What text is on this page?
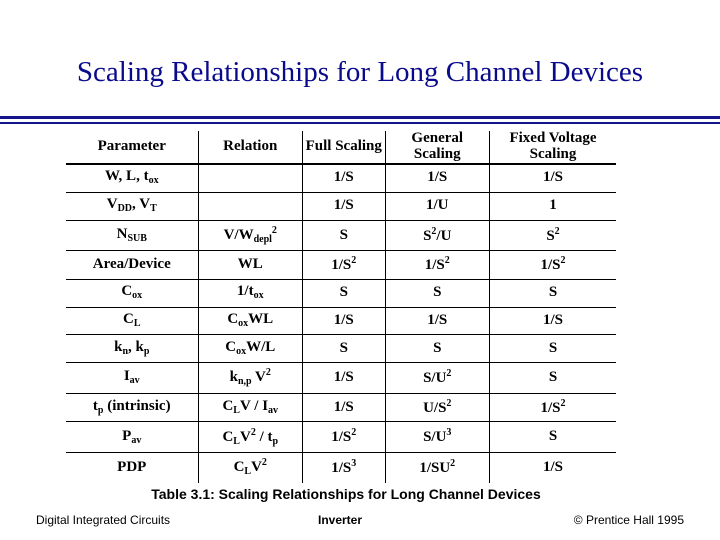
Scaling Relationships for Long Channel Devices
Parameter	Relation	Full Scaling	General Scaling	Fixed Voltage Scaling
W, L, $t_{ox}$		1/S	1/S	1/S
$V_{DD}$, $V_T$		1/S	1/U	1
$N_{SUB}$	$V/W_{depl}^2$	S	$S^2/U$	$S^2$
Area/Device	WL	$1/S^2$	$1/S^2$	$1/S^2$
$C_{ox}$	$1/t_{ox}$	S	S	S
$C_L$	$C_{ox}WL$	1/S	1/S	1/S
$k_n$, $k_p$	$C_{ox}W/L$	S	S	S
$I_{av}$	$k_{n,p}$ $V^2$	1/S	$S/U^2$	S
$t_p$ (intrinsic)	$C_LV / I_{av}$	1/S	$U/S^2$	$1/S^2$
$P_{av}$	$C_LV^2 / t_p$	$1/S^2$	$S/U^3$	S
PDP	$C_LV^2$	$1/S^3$	$1/SU^2$	1/S
Table 3.1: Scaling Relationships for Long Channel Devices
Digital Integrated Circuits	Inverter	© Prentice Hall 1995
